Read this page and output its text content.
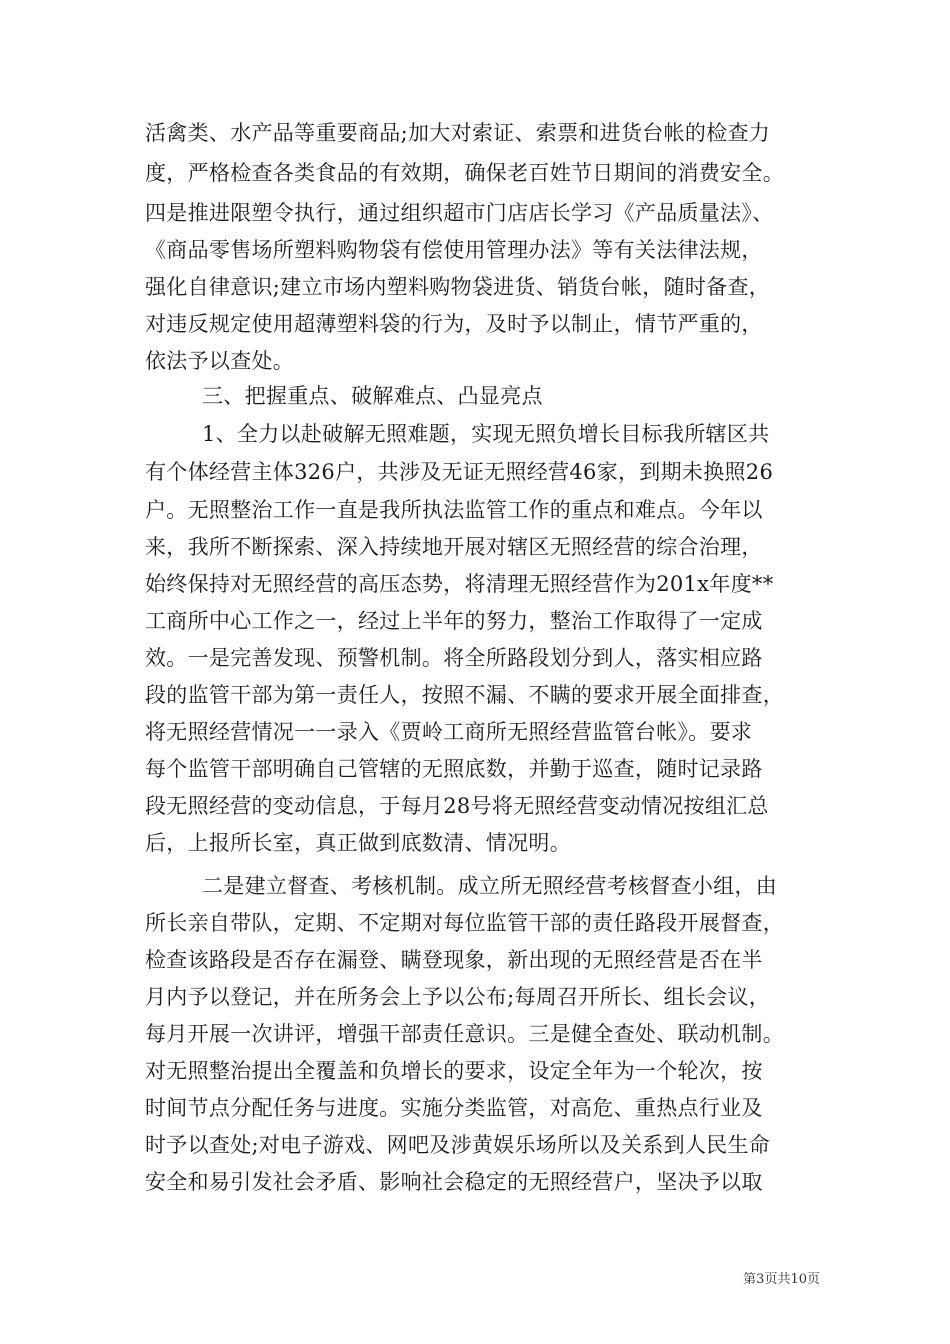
活禽类、水产品等重要商品;加大对索证、索票和进货台帐的检查力
度，严格检查各类食品的有效期，确保老百姓节日期间的消费安全。
四是推进限塑令执行，通过组织超市门店店长学习《产品质量法》、
《商品零售场所塑料购物袋有偿使用管理办法》等有关法律法规，
强化自律意识;建立市场内塑料购物袋进货、销货台帐，随时备查，
对违反规定使用超薄塑料袋的行为，及时予以制止，情节严重的，
依法予以查处。
三、把握重点、破解难点、凸显亮点
1、全力以赴破解无照难题，实现无照负增长目标我所辖区共
有个体经营主体326户，共涉及无证无照经营46家，到期未换照26
户。无照整治工作一直是我所执法监管工作的重点和难点。今年以
来，我所不断探索、深入持续地开展对辖区无照经营的综合治理，
始终保持对无照经营的高压态势，将清理无照经营作为201x年度**
工商所中心工作之一，经过上半年的努力，整治工作取得了一定成
效。一是完善发现、预警机制。将全所路段划分到人，落实相应路
段的监管干部为第一责任人，按照不漏、不瞒的要求开展全面排查，
将无照经营情况一一录入《贾岭工商所无照经营监管台帐》。要求
每个监管干部明确自己管辖的无照底数，并勤于巡查，随时记录路
段无照经营的变动信息，于每月28号将无照经营变动情况按组汇总
后，上报所长室，真正做到底数清、情况明。
二是建立督查、考核机制。成立所无照经营考核督查小组，由
所长亲自带队，定期、不定期对每位监管干部的责任路段开展督查，
检查该路段是否存在漏登、瞒登现象，新出现的无照经营是否在半
月内予以登记，并在所务会上予以公布;每周召开所长、组长会议，
每月开展一次讲评，增强干部责任意识。三是健全查处、联动机制。
对无照整治提出全覆盖和负增长的要求，设定全年为一个轮次，按
时间节点分配任务与进度。实施分类监管，对高危、重热点行业及
时予以查处;对电子游戏、网吧及涉黄娱乐场所以及关系到人民生命
安全和易引发社会矛盾、影响社会稳定的无照经营户，坚决予以取
第3页共10页
